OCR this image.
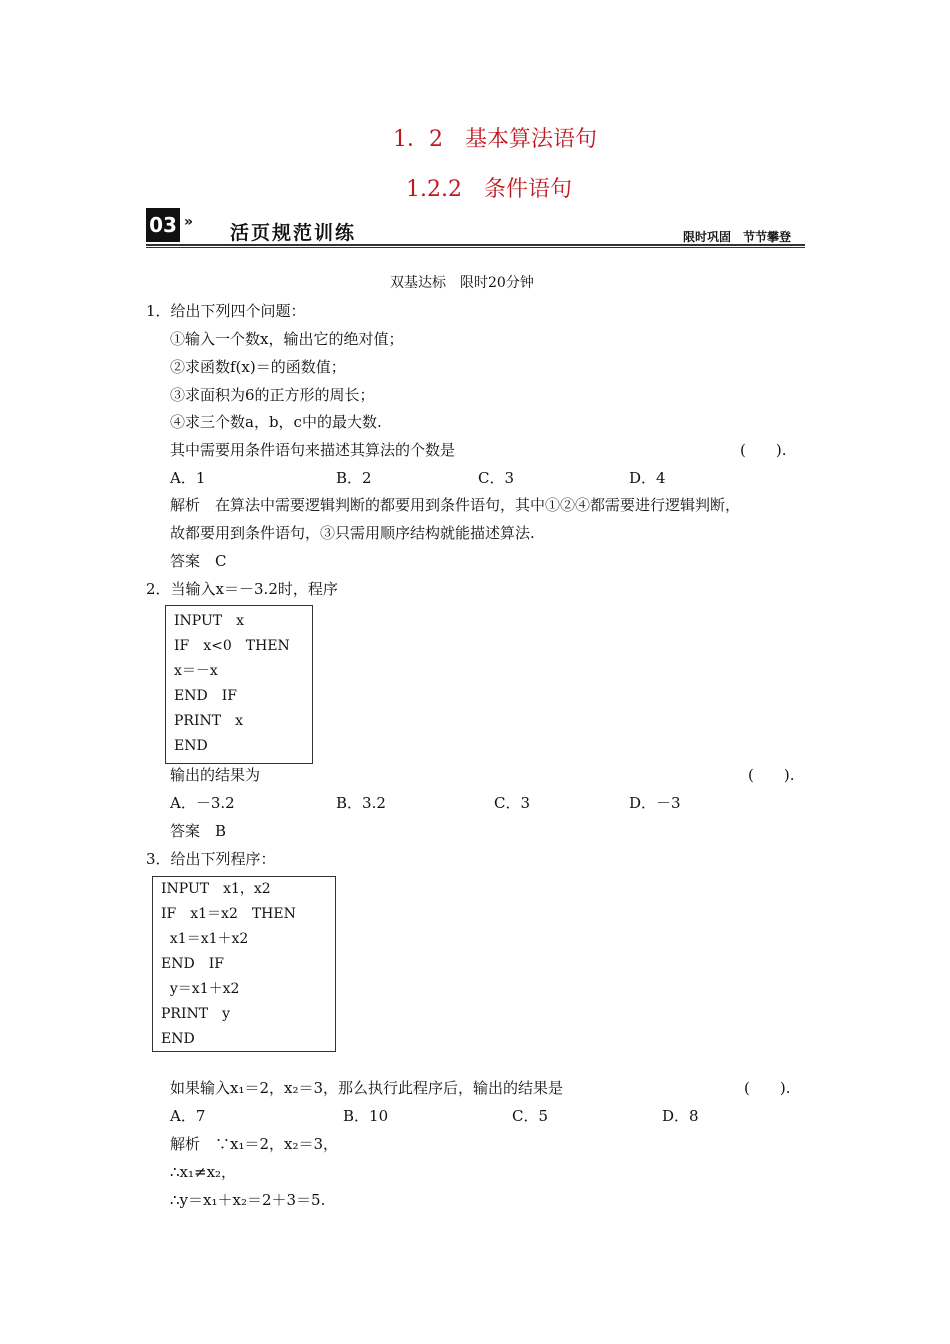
1．2　基本算法语句
1.2.2　条件语句
03 » 活页规范训练	限时巩固　节节攀登
双基达标　限时20分钟
1．给出下列四个问题：
①输入一个数x，输出它的绝对值；
②求函数f(x)＝的函数值；
③求面积为6的正方形的周长；
④求三个数a，b，c中的最大数.
其中需要用条件语句来描述其算法的个数是	(　　).
A．1	B．2	C．3	D．4
解析　在算法中需要逻辑判断的都要用到条件语句，其中①②④都需要进行逻辑判断，
故都要用到条件语句，③只需用顺序结构就能描述算法.
答案　C
2．当输入x＝－3.2时，程序
INPUT　x
IF　x<0　THEN
x＝－x
END　IF
PRINT　x
END
输出的结果为	(　　).
A．－3.2	B．3.2	C．3	D．－3
答案　B
3．给出下列程序：
INPUT　x1，x2
IF　x1＝x2　THEN
x1＝x1＋x2
END　IF
y＝x1＋x2
PRINT　y
END
如果输入x₁＝2，x₂＝3，那么执行此程序后，输出的结果是	(　　).
A．7	B．10	C．5	D．8
解析　∵x₁＝2，x₂＝3，
∴x₁≠x₂，
∴y＝x₁＋x₂＝2＋3＝5.
